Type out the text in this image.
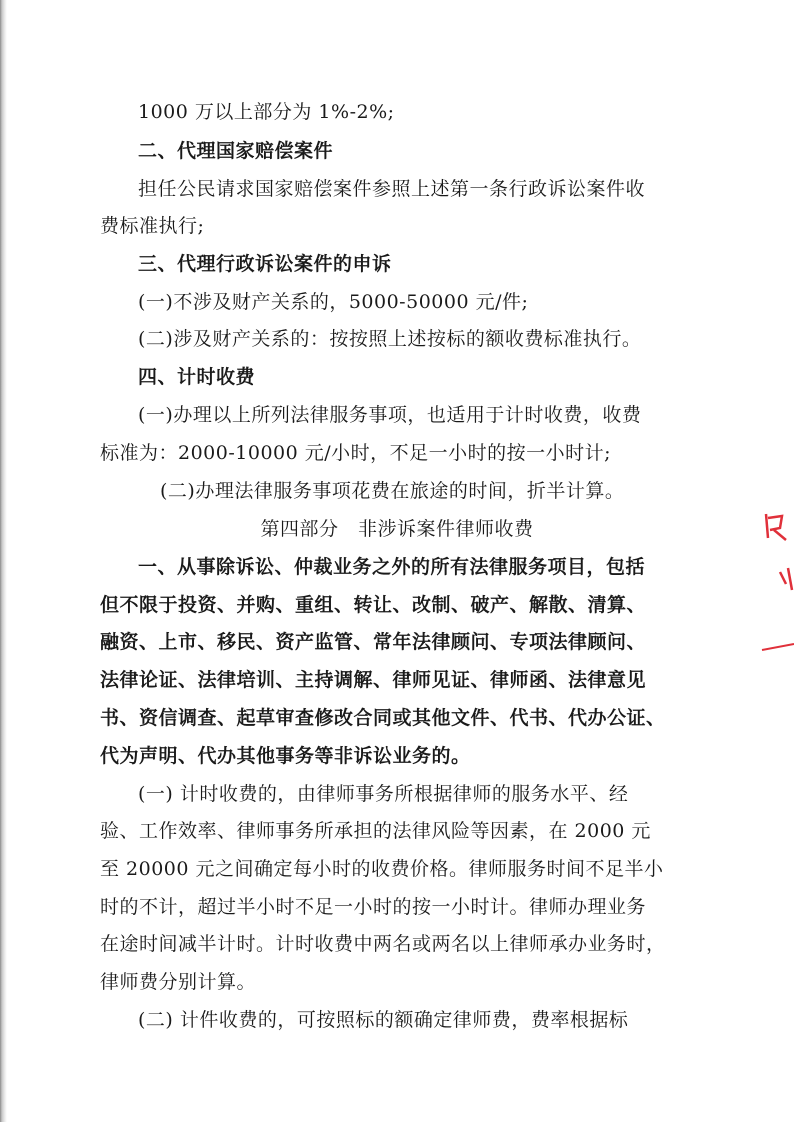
1000 万以上部分为 1%-2%;
二、代理国家赔偿案件
担任公民请求国家赔偿案件参照上述第一条行政诉讼案件收
费标准执行;
三、代理行政诉讼案件的申诉
(一)不涉及财产关系的，5000-50000 元/件;
(二)涉及财产关系的：按按照上述按标的额收费标准执行。
四、计时收费
(一)办理以上所列法律服务事项，也适用于计时收费，收费
标准为：2000-10000 元/小时，不足一小时的按一小时计;
(二)办理法律服务事项花费在旅途的时间，折半计算。
第四部分　非涉诉案件律师收费
一、从事除诉讼、仲裁业务之外的所有法律服务项目，包括
但不限于投资、并购、重组、转让、改制、破产、解散、清算、
融资、上市、移民、资产监管、常年法律顾问、专项法律顾问、
法律论证、法律培训、主持调解、律师见证、律师函、法律意见
书、资信调查、起草审查修改合同或其他文件、代书、代办公证、
代为声明、代办其他事务等非诉讼业务的。
(一) 计时收费的，由律师事务所根据律师的服务水平、经
验、工作效率、律师事务所承担的法律风险等因素，在 2000 元
至 20000 元之间确定每小时的收费价格。律师服务时间不足半小
时的不计，超过半小时不足一小时的按一小时计。律师办理业务
在途时间减半计时。计时收费中两名或两名以上律师承办业务时，
律师费分别计算。
(二) 计件收费的，可按照标的额确定律师费，费率根据标
